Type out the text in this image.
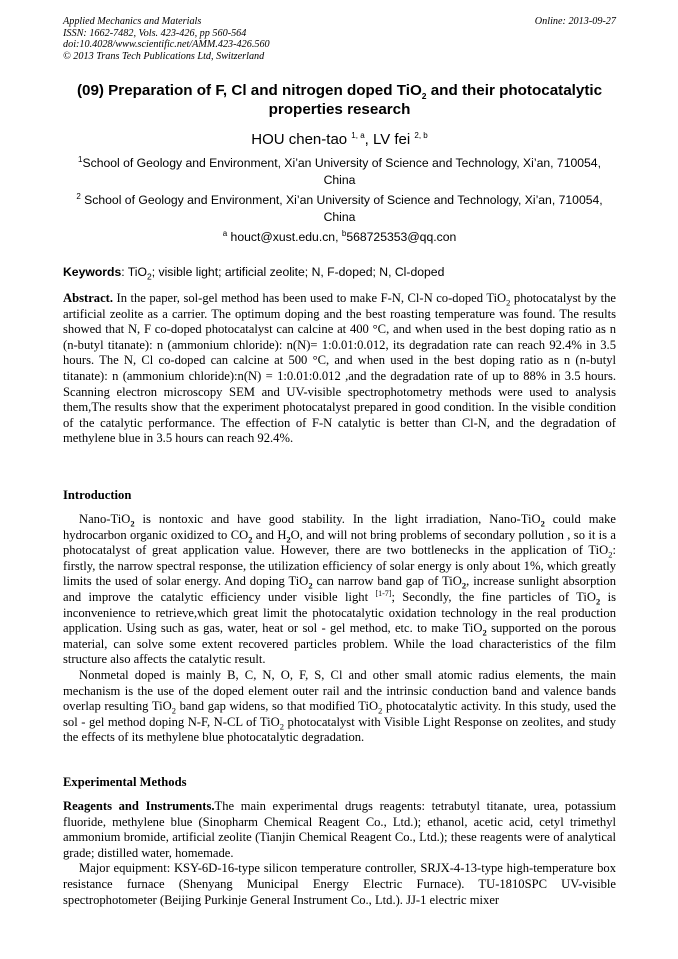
Applied Mechanics and Materials
ISSN: 1662-7482, Vols. 423-426, pp 560-564
doi:10.4028/www.scientific.net/AMM.423-426.560
© 2013 Trans Tech Publications Ltd, Switzerland
Online: 2013-09-27
(09) Preparation of F, Cl and nitrogen doped TiO$_2$ and their photocatalytic
properties research
HOU chen-tao $^{1, a}$, LV fei $^{2, b}$
$^1$School of Geology and Environment, Xi’an University of Science and Technology, Xi’an, 710054,
China
$^2$ School of Geology and Environment, Xi’an University of Science and Technology, Xi’an, 710054,
China
$^a$ houct@xust.edu.cn, $^b$568725353@qq.con
Keywords: TiO$_2$; visible light; artificial zeolite; N, F-doped; N, Cl-doped

Abstract. In the paper, sol-gel method has been used to make F-N, Cl-N co-doped TiO$_2$ photocatalyst by the artificial zeolite as a carrier. The optimum doping and the best roasting temperature was found. The results showed that N, F co-doped photocatalyst can calcine at 400 °C, and when used in the best doping ratio as n (n-butyl titanate): n (ammonium chloride): n(N)= 1:0.01:0.012, its degradation rate can reach 92.4% in 3.5 hours. The N, Cl co-doped can calcine at 500 °C, and when used in the best doping ratio as n (n-butyl titanate): n (ammonium chloride):n(N) = 1:0.01:0.012 ,and the degradation rate of up to 88% in 3.5 hours. Scanning electron microscopy SEM and UV-visible spectrophotometry methods were used to analysis them,The results show that the experiment photocatalyst prepared in good condition. In the visible condition of the catalytic performance. The effection of F-N catalytic is better than Cl-N, and the degradation of methylene blue in 3.5 hours can reach 92.4%.

Introduction

Nano-TiO$_2$ is nontoxic and have good stability. In the light irradiation, Nano-TiO$_2$ could make hydrocarbon organic oxidized to $CO_2$ and $H_2O$, and will not bring problems of secondary pollution , so it is a photocatalyst of great application value. However, there are two bottlenecks in the application of TiO$_2$: firstly, the narrow spectral response, the utilization efficiency of solar energy is only about 1%, which greatly limits the used of solar energy. And doping TiO$_2$ can narrow band gap of TiO$_2$, increase sunlight absorption and improve the catalytic efficiency under visible light [1-7]; Secondly, the fine particles of TiO$_2$ is inconvenience to retrieve,which great limit the photocatalytic oxidation technology in the real production application. Using such as gas, water, heat or sol - gel method, etc. to make TiO$_2$ supported on the porous material, can solve some extent recovered particles problem. While the load characteristics of the film structure also affects the catalytic result.

Nonmetal doped is mainly B, C, N, O, F, S, Cl and other small atomic radius elements, the main mechanism is the use of the doped element outer rail and the intrinsic conduction band and valence bands overlap resulting TiO$_2$ band gap widens, so that modified TiO$_2$ photocatalytic activity. In this study, used the sol - gel method doping N-F, N-CL of TiO$_2$ photocatalyst with Visible Light Response on zeolites, and study the effects of its methylene blue photocatalytic degradation.

Experimental Methods

Reagents and Instruments.The main experimental drugs reagents: tetrabutyl titanate, urea, potassium fluoride, methylene blue (Sinopharm Chemical Reagent Co., Ltd.); ethanol, acetic acid, cetyl trimethyl ammonium bromide, artificial zeolite (Tianjin Chemical Reagent Co., Ltd.); these reagents were of analytical grade; distilled water, homemade.

Major equipment: KSY-6D-16-type silicon temperature controller, SRJX-4-13-type high-temperature box resistance furnace (Shenyang Municipal Energy Electric Furnace). TU-1810SPC UV-visible spectrophotometer (Beijing Purkinje General Instrument Co., Ltd.). JJ-1 electric mixer
